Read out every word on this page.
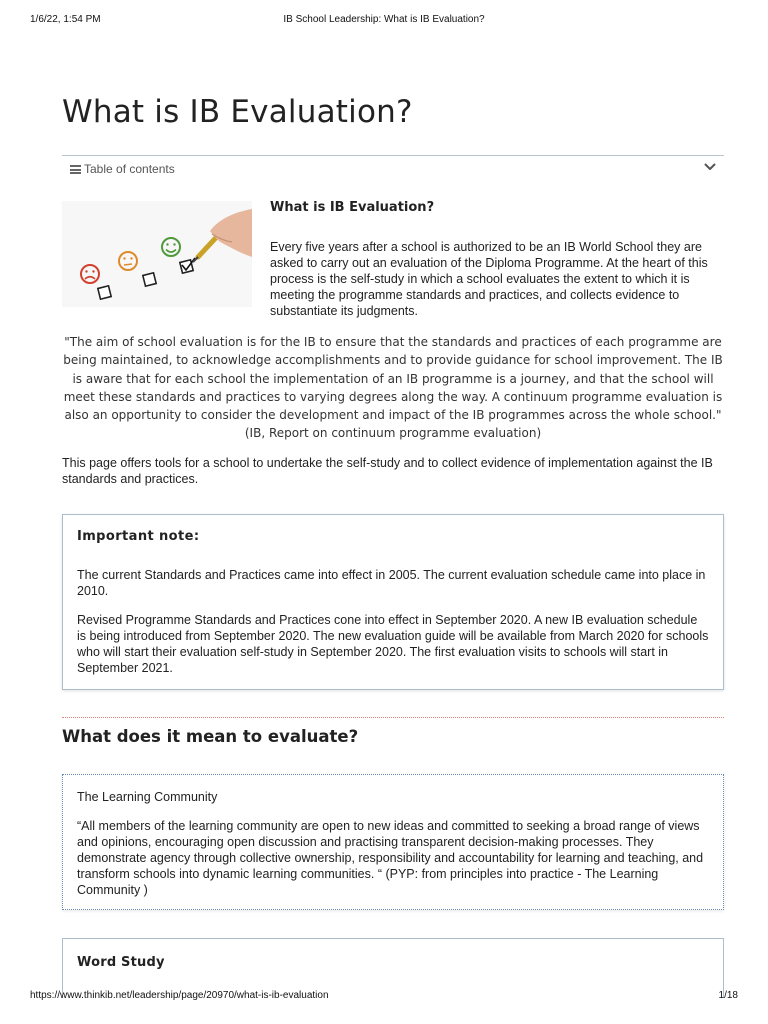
1/6/22, 1:54 PM	IB School Leadership: What is IB Evaluation?
What is IB Evaluation?
Table of contents
What is IB Evaluation?

Every five years after a school is authorized to be an IB World School they are asked to carry out an evaluation of the Diploma Programme. At the heart of this process is the self-study in which a school evaluates the extent to which it is meeting the programme standards and practices, and collects evidence to substantiate its judgments.

"The aim of school evaluation is for the IB to ensure that the standards and practices of each programme are being maintained, to acknowledge accomplishments and to provide guidance for school improvement. The IB is aware that for each school the implementation of an IB programme is a journey, and that the school will meet these standards and practices to varying degrees along the way. A continuum programme evaluation is also an opportunity to consider the development and impact of the IB programmes across the whole school." (IB, Report on continuum programme evaluation)

This page offers tools for a school to undertake the self-study and to collect evidence of implementation against the IB standards and practices.

Important note:

The current Standards and Practices came into effect in 2005. The current evaluation schedule came into place in 2010.

Revised Programme Standards and Practices cone into effect in September 2020. A new IB evaluation schedule is being introduced from September 2020. The new evaluation guide will be available from March 2020 for schools who will start their evaluation self-study in September 2020. The first evaluation visits to schools will start in September 2021.

What does it mean to evaluate?
The Learning Community

“All members of the learning community are open to new ideas and committed to seeking a broad range of views and opinions, encouraging open discussion and practising transparent decision-making processes. They demonstrate agency through collective ownership, responsibility and accountability for learning and teaching, and transform schools into dynamic learning communities. “ (PYP: from principles into practice - The Learning Community )

Word Study
https://www.thinkib.net/leadership/page/20970/what-is-ib-evaluation	1/18
